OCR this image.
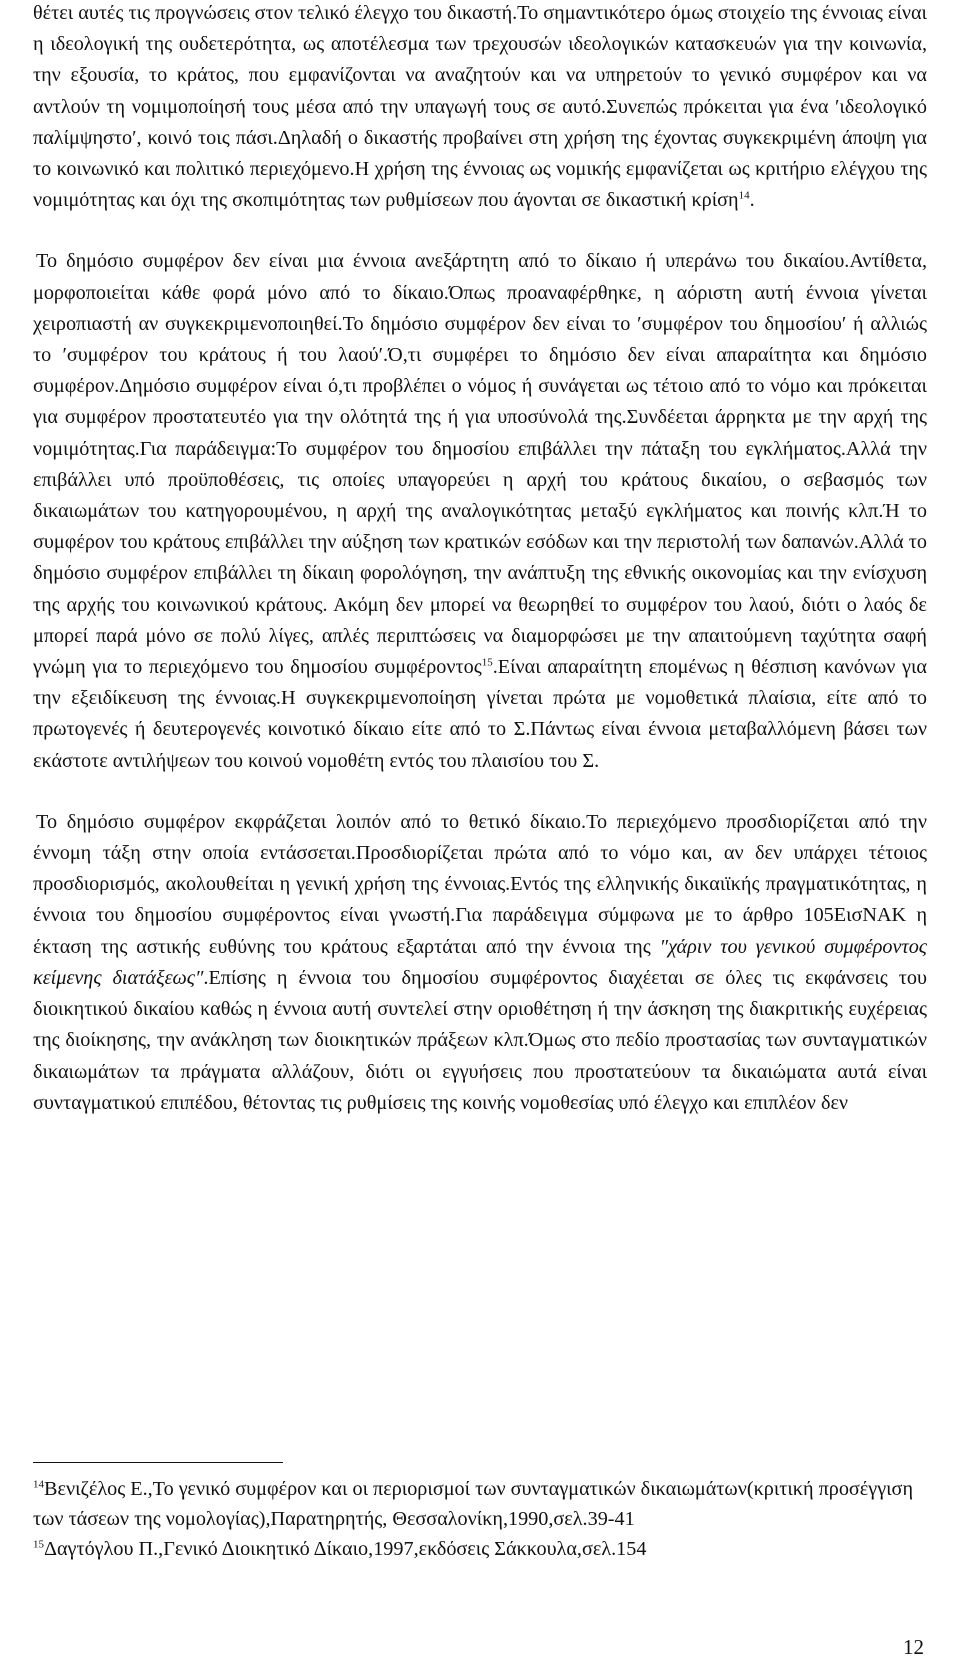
θέτει αυτές τις προγνώσεις στον τελικό έλεγχο του δικαστή.Το σημαντικότερο όμως στοιχείο της έννοιας είναι η ιδεολογική της ουδετερότητα, ως αποτέλεσμα των τρεχουσών ιδεολογικών κατασκευών για την κοινωνία, την εξουσία, το κράτος, που εμφανίζονται να αναζητούν και να υπηρετούν το γενικό συμφέρον και να αντλούν τη νομιμοποίησή τους μέσα από την υπαγωγή τους σε αυτό.Συνεπώς πρόκειται για ένα ′ιδεολογικό παλίμψηστο′, κοινό τοις πάσι.Δηλαδή ο δικαστής προβαίνει στη χρήση της έχοντας συγκεκριμένη άποψη για το κοινωνικό και πολιτικό περιεχόμενο.Η χρήση της έννοιας ως νομικής εμφανίζεται ως κριτήριο ελέγχου της νομιμότητας και όχι της σκοπιμότητας των ρυθμίσεων που άγονται σε δικαστική κρίση$^{14}$.

Το δημόσιο συμφέρον δεν είναι μια έννοια ανεξάρτητη από το δίκαιο ή υπεράνω του δικαίου.Αντίθετα, μορφοποιείται κάθε φορά μόνο από το δίκαιο.Όπως προαναφέρθηκε, η αόριστη αυτή έννοια γίνεται χειροπιαστή αν συγκεκριμενοποιηθεί.Το δημόσιο συμφέρον δεν είναι το ′συμφέρον του δημοσίου′ ή αλλιώς το ′συμφέρον του κράτους ή του λαού′.Ό,τι συμφέρει το δημόσιο δεν είναι απαραίτητα και δημόσιο συμφέρον.Δημόσιο συμφέρον είναι ό,τι προβλέπει ο νόμος ή συνάγεται ως τέτοιο από το νόμο και πρόκειται για συμφέρον προστατευτέο για την ολότητά της ή για υποσύνολά της.Συνδέεται άρρηκτα με την αρχή της νομιμότητας.Για παράδειγμα:Το συμφέρον του δημοσίου επιβάλλει την πάταξη του εγκλήματος.Αλλά την επιβάλλει υπό προϋποθέσεις, τις οποίες υπαγορεύει η αρχή του κράτους δικαίου, ο σεβασμός των δικαιωμάτων του κατηγορουμένου, η αρχή της αναλογικότητας μεταξύ εγκλήματος και ποινής κλπ.Ή το συμφέρον του κράτους επιβάλλει την αύξηση των κρατικών εσόδων και την περιστολή των δαπανών.Αλλά το δημόσιο συμφέρον επιβάλλει τη δίκαιη φορολόγηση, την ανάπτυξη της εθνικής οικονομίας και την ενίσχυση της αρχής του κοινωνικού κράτους. Ακόμη δεν μπορεί να θεωρηθεί το συμφέρον του λαού, διότι ο λαός δε μπορεί παρά μόνο σε πολύ λίγες, απλές περιπτώσεις να διαμορφώσει με την απαιτούμενη ταχύτητα σαφή γνώμη για το περιεχόμενο του δημοσίου συμφέροντος$^{15}$.Είναι απαραίτητη επομένως η θέσπιση κανόνων για την εξειδίκευση της έννοιας.Η συγκεκριμενοποίηση γίνεται πρώτα με νομοθετικά πλαίσια, είτε από το πρωτογενές ή δευτερογενές κοινοτικό δίκαιο είτε από το Σ.Πάντως είναι έννοια μεταβαλλόμενη βάσει των εκάστοτε αντιλήψεων του κοινού νομοθέτη εντός του πλαισίου του Σ.

Το δημόσιο συμφέρον εκφράζεται λοιπόν από το θετικό δίκαιο.Το περιεχόμενο προσδιορίζεται από την έννομη τάξη στην οποία εντάσσεται.Προσδιορίζεται πρώτα από το νόμο και, αν δεν υπάρχει τέτοιος προσδιορισμός, ακολουθείται η γενική χρήση της έννοιας.Εντός της ελληνικής δικαιϊκής πραγματικότητας, η έννοια του δημοσίου συμφέροντος είναι γνωστή.Για παράδειγμα σύμφωνα με το άρθρο 105ΕισΝΑΚ η έκταση της αστικής ευθύνης του κράτους εξαρτάται από την έννοια της ″χάριν του γενικού συμφέροντος κείμενης διατάξεως″.Επίσης η έννοια του δημοσίου συμφέροντος διαχέεται σε όλες τις εκφάνσεις του διοικητικού δικαίου καθώς η έννοια αυτή συντελεί στην οριοθέτηση ή την άσκηση της διακριτικής ευχέρειας της διοίκησης, την ανάκληση των διοικητικών πράξεων κλπ.Όμως στο πεδίο προστασίας των συνταγματικών δικαιωμάτων τα πράγματα αλλάζουν, διότι οι εγγυήσεις που προστατεύουν τα δικαιώματα αυτά είναι συνταγματικού επιπέδου, θέτοντας τις ρυθμίσεις της κοινής νομοθεσίας υπό έλεγχο και επιπλέον δεν

$^{14}$Βενιζέλος Ε.,Το γενικό συμφέρον και οι περιορισμοί των συνταγματικών δικαιωμάτων(κριτική προσέγγιση των τάσεων της νομολογίας),Παρατηρητής, Θεσσαλονίκη,1990,σελ.39-41

$^{15}$Δαγτόγλου Π.,Γενικό Διοικητικό Δίκαιο,1997,εκδόσεις Σάκκουλα,σελ.154

12
